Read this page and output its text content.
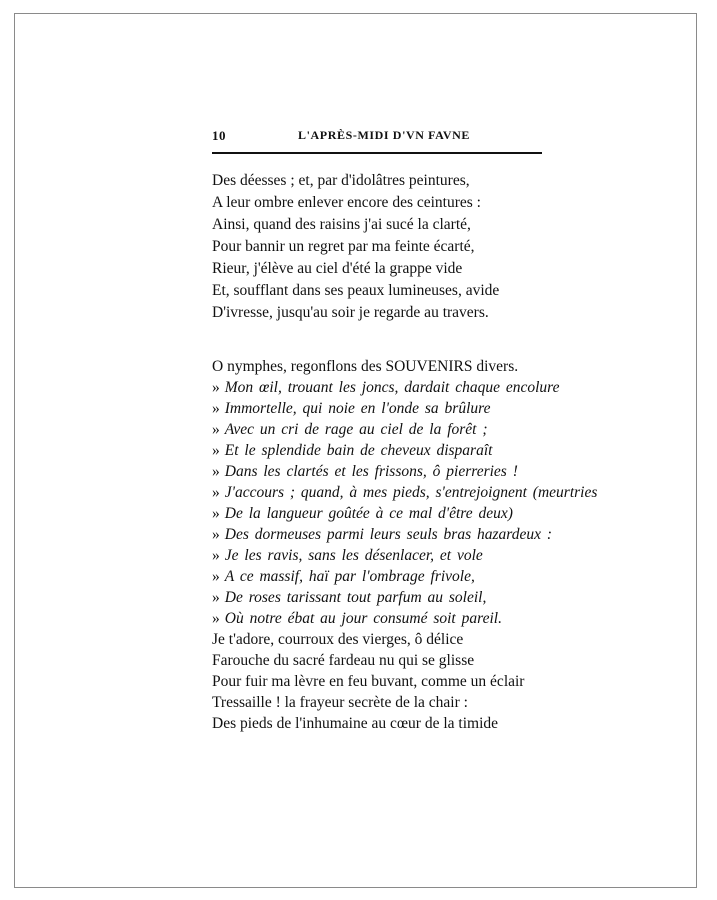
10	L'APRÈS-MIDI D'VN FAVNE
Des déesses ; et, par d'idolâtres peintures,
A leur ombre enlever encore des ceintures :
Ainsi, quand des raisins j'ai sucé la clarté,
Pour bannir un regret par ma feinte écarté,
Rieur, j'élève au ciel d'été la grappe vide
Et, soufflant dans ses peaux lumineuses, avide
D'ivresse, jusqu'au soir je regarde au travers.
O nymphes, regonflons des SOUVENIRS divers.
» Mon œil, trouant les joncs, dardait chaque encolure
» Immortelle, qui noie en l'onde sa brûlure
» Avec un cri de rage au ciel de la forêt ;
» Et le splendide bain de cheveux disparaît
» Dans les clartés et les frissons, ô pierreries !
» J'accours ; quand, à mes pieds, s'entrejoignent (meurtries
» De la langueur goûtée à ce mal d'être deux)
» Des dormeuses parmi leurs seuls bras hazardeux :
» Je les ravis, sans les désenlacer, et vole
» A ce massif, haï par l'ombrage frivole,
» De roses tarissant tout parfum au soleil,
» Où notre ébat au jour consumé soit pareil.
Je t'adore, courroux des vierges, ô délice
Farouche du sacré fardeau nu qui se glisse
Pour fuir ma lèvre en feu buvant, comme un éclair
Tressaille ! la frayeur secrète de la chair :
Des pieds de l'inhumaine au cœur de la timide
